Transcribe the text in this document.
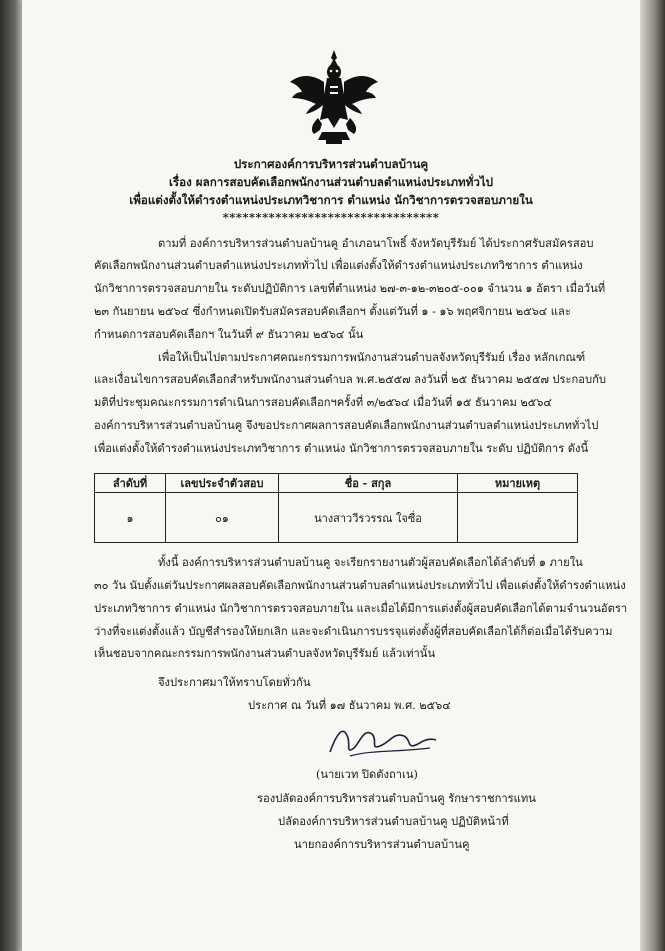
ประกาศองค์การบริหารส่วนตำบลบ้านคู
เรื่อง ผลการสอบคัดเลือกพนักงานส่วนตำบลตำแหน่งประเภททั่วไป
เพื่อแต่งตั้งให้ดำรงตำแหน่งประเภทวิชาการ ตำแหน่ง นักวิชาการตรวจสอบภายใน
*********************************
ตามที่ องค์การบริหารส่วนตำบลบ้านคู อำเภอนาโพธิ์ จังหวัดบุรีรัมย์ ได้ประกาศรับสมัครสอบ
คัดเลือกพนักงานส่วนตำบลตำแหน่งประเภททั่วไป เพื่อแต่งตั้งให้ดำรงตำแหน่งประเภทวิชาการ ตำแหน่ง
นักวิชาการตรวจสอบภายใน ระดับปฏิบัติการ เลขที่ตำแหน่ง ๒๗-๓-๑๒-๓๒๐๕-๐๐๑ จำนวน ๑ อัตรา เมื่อวันที่
๒๓ กันยายน ๒๕๖๔ ซึ่งกำหนดเปิดรับสมัครสอบคัดเลือกฯ ตั้งแต่วันที่ ๑ - ๑๖ พฤศจิกายน ๒๕๖๔ และ
กำหนดการสอบคัดเลือกฯ ในวันที่ ๙ ธันวาคม ๒๕๖๔ นั้น
เพื่อให้เป็นไปตามประกาศคณะกรรมการพนักงานส่วนตำบลจังหวัดบุรีรัมย์ เรื่อง หลักเกณฑ์
และเงื่อนไขการสอบคัดเลือกสำหรับพนักงานส่วนตำบล พ.ศ.๒๕๕๗ ลงวันที่ ๒๕ ธันวาคม ๒๕๕๗ ประกอบกับ
มติที่ประชุมคณะกรรมการดำเนินการสอบคัดเลือกฯครั้งที่ ๓/๒๕๖๔ เมื่อวันที่ ๑๕ ธันวาคม ๒๕๖๔
องค์การบริหารส่วนตำบลบ้านคู จึงขอประกาศผลการสอบคัดเลือกพนักงานส่วนตำบลตำแหน่งประเภททั่วไป
เพื่อแต่งตั้งให้ดำรงตำแหน่งประเภทวิชาการ ตำแหน่ง นักวิชาการตรวจสอบภายใน ระดับ ปฏิบัติการ ดังนี้
ลำดับที่	เลขประจำตัวสอบ	ชื่อ - สกุล	หมายเหตุ
๑	๐๑	นางสาววีรวรรณ ใจซื่อ	
ทั้งนี้ องค์การบริหารส่วนตำบลบ้านคู จะเรียกรายงานตัวผู้สอบคัดเลือกได้ลำดับที่ ๑ ภายใน
๓๐ วัน นับตั้งแต่วันประกาศผลสอบคัดเลือกพนักงานส่วนตำบลตำแหน่งประเภททั่วไป เพื่อแต่งตั้งให้ดำรงตำแหน่ง
ประเภทวิชาการ ตำแหน่ง นักวิชาการตรวจสอบภายใน และเมื่อได้มีการแต่งตั้งผู้สอบคัดเลือกได้ตามจำนวนอัตรา
ว่างที่จะแต่งตั้งแล้ว บัญชีสำรองให้ยกเลิก และจะดำเนินการบรรจุแต่งตั้งผู้ที่สอบคัดเลือกได้ก็ต่อเมื่อได้รับความ
เห็นชอบจากคณะกรรมการพนักงานส่วนตำบลจังหวัดบุรีรัมย์ แล้วเท่านั้น
จึงประกาศมาให้ทราบโดยทั่วกัน
ประกาศ ณ วันที่ ๑๗ ธันวาคม พ.ศ. ๒๕๖๔
(นายเวท ปิดตังถาเน)
รองปลัดองค์การบริหารส่วนตำบลบ้านคู รักษาราชการแทน
ปลัดองค์การบริหารส่วนตำบลบ้านคู ปฏิบัติหน้าที่
นายกองค์การบริหารส่วนตำบลบ้านคู
